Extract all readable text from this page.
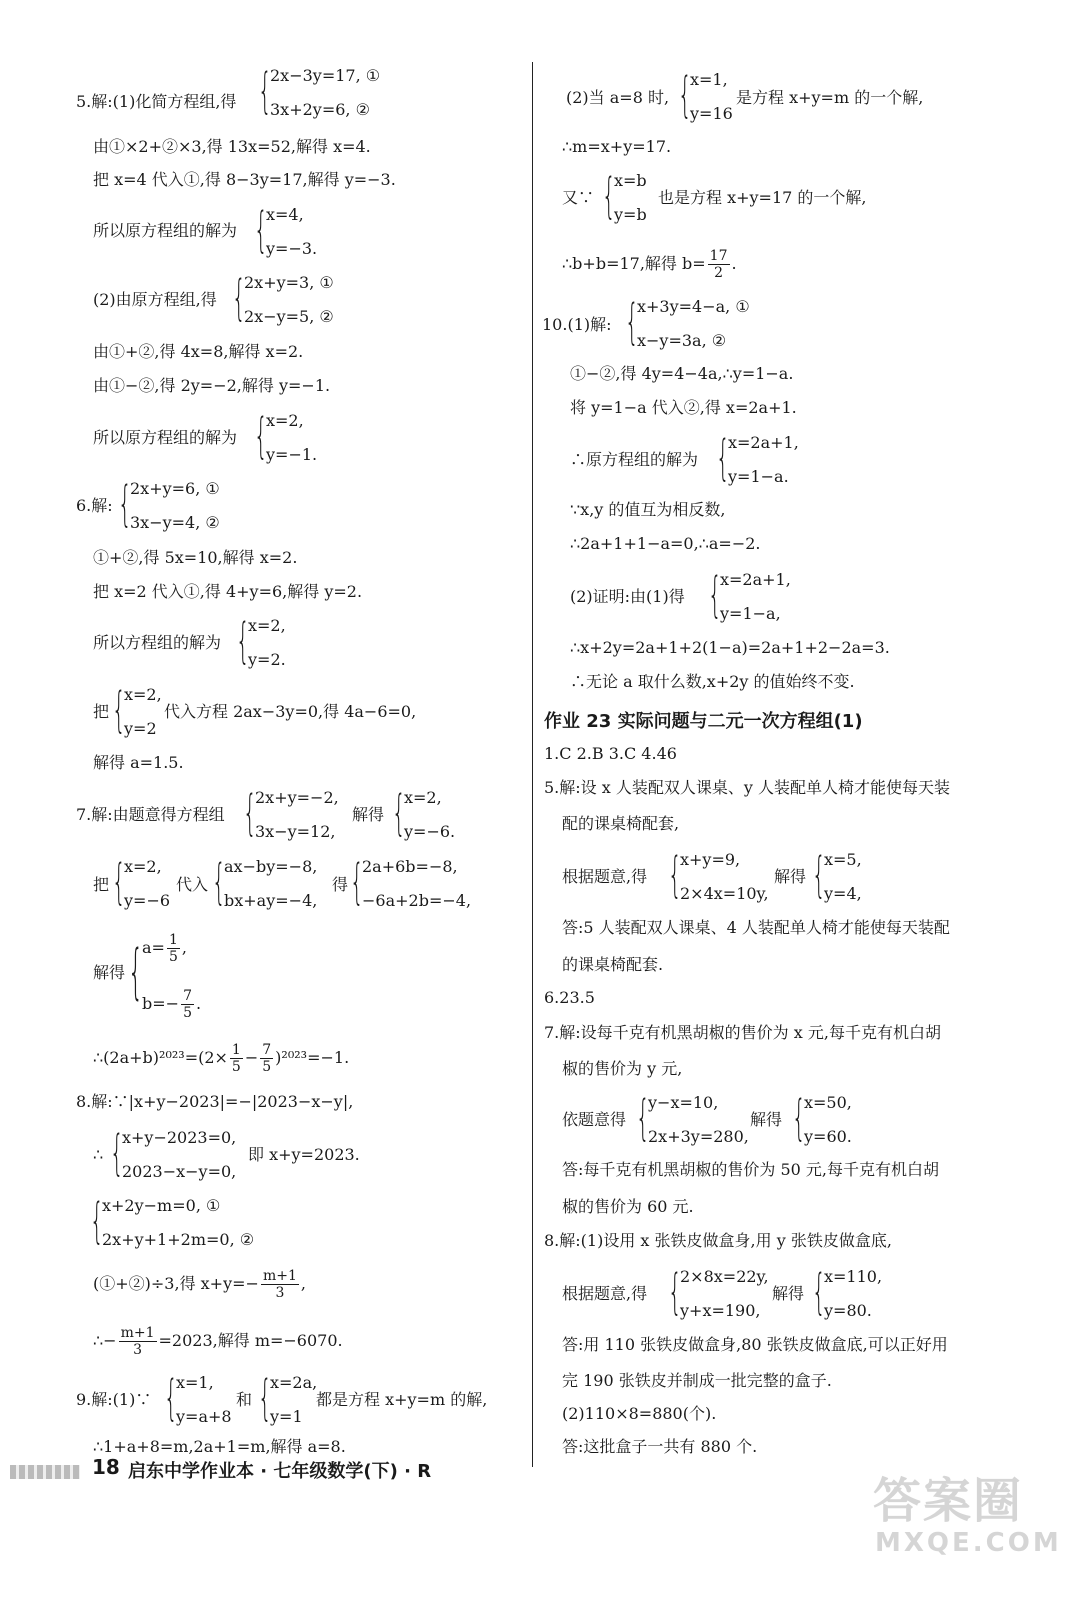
5.解:(1)化简方程组,得 {
2x−3y=17, ①
3x+2y=6, ②
由①×2+②×3,得 13x=52,解得 x=4.
把 x=4 代入①,得 8−3y=17,解得 y=−3.
所以原方程组的解为 {
x=4,
y=−3.
(2)由原方程组,得 {
2x+y=3, ①
2x−y=5, ②
由①+②,得 4x=8,解得 x=2.
由①−②,得 2y=−2,解得 y=−1.
所以原方程组的解为 {
x=2,
y=−1.
6.解: {
2x+y=6, ①
3x−y=4, ②
①+②,得 5x=10,解得 x=2.
把 x=2 代入①,得 4+y=6,解得 y=2.
所以方程组的解为 {
x=2,
y=2.
把 {
x=2,
y=2
代入方程 2ax−3y=0,得 4a−6=0,
解得 a=1.5.
7.解:由题意得方程组 {
2x+y=−2,
3x−y=12,
解得 {
x=2,
y=−6.
把 {
x=2,
y=−6
代入 {
ax−by=−8,
bx+ay=−4,
得 {
2a+6b=−8,
−6a+2b=−4,
解得 {
$a= \frac{1}{5}$ ,
$b=- \frac{7}{5}$ .
∴(2a+b)²⁰²³=(2× $\frac{1}{5} - \frac{7}{5} )^{2023}=-1$.
8.解:∵|x+y−2023|=−|2023−x−y|,
∴ {
x+y−2023=0,
2023−x−y=0,
即 x+y=2023.
{
x+2y−m=0, ①
2x+y+1+2m=0, ②
(①+②)÷3,得 $x+y=- \frac{m+1}{3}$ ,
∴− $\frac{m+1}{3} =2023$,解得 m=−6070.
9.解:(1)∵ {
x=1,
y=a+8
和 {
x=2a,
y=1
都是方程 x+y=m 的解,
∴1+a+8=m,2a+1=m,解得 a=8.
(2)当 a=8 时, {
x=1,
y=16
是方程 x+y=m 的一个解,
∴m=x+y=17.
又∵ {
x=b
y=b
也是方程 x+y=17 的一个解,
∴b+b=17,解得 $b= \frac{17}{2}$ .
10.(1)解: {
x+3y=4−a, ①
x−y=3a, ②
①−②,得 4y=4−4a,∴y=1−a.
将 y=1−a 代入②,得 x=2a+1.
∴原方程组的解为 {
x=2a+1,
y=1−a.
∵x,y 的值互为相反数,
∴2a+1+1−a=0,∴a=−2.
(2)证明:由(1)得 {
x=2a+1,
y=1−a,
∴x+2y=2a+1+2(1−a)=2a+1+2−2a=3.
∴无论 a 取什么数,x+2y 的值始终不变.
作业 23 实际问题与二元一次方程组(1)
1.C 2.B 3.C 4.46
5.解:设 x 人装配双人课桌、y 人装配单人椅才能使每天装
配的课桌椅配套,
根据题意,得 {
x+y=9,
2×4x=10y,
解得 {
x=5,
y=4,
答:5 人装配双人课桌、4 人装配单人椅才能使每天装配
的课桌椅配套.
6.23.5
7.解:设每千克有机黑胡椒的售价为 x 元,每千克有机白胡
椒的售价为 y 元,
依题意得 {
y−x=10,
2x+3y=280,
解得 {
x=50,
y=60.
答:每千克有机黑胡椒的售价为 50 元,每千克有机白胡
椒的售价为 60 元.
8.解:(1)设用 x 张铁皮做盒身,用 y 张铁皮做盒底,
根据题意,得 {
2×8x=22y,
y+x=190,
解得 {
x=110,
y=80.
答:用 110 张铁皮做盒身,80 张铁皮做盒底,可以正好用
完 190 张铁皮并制成一批完整的盒子.
(2)110×8=880(个).
答:这批盒子一共有 880 个.
18 启东中学作业本 · 七年级数学(下) · R
答案圈
MXQE.COM
